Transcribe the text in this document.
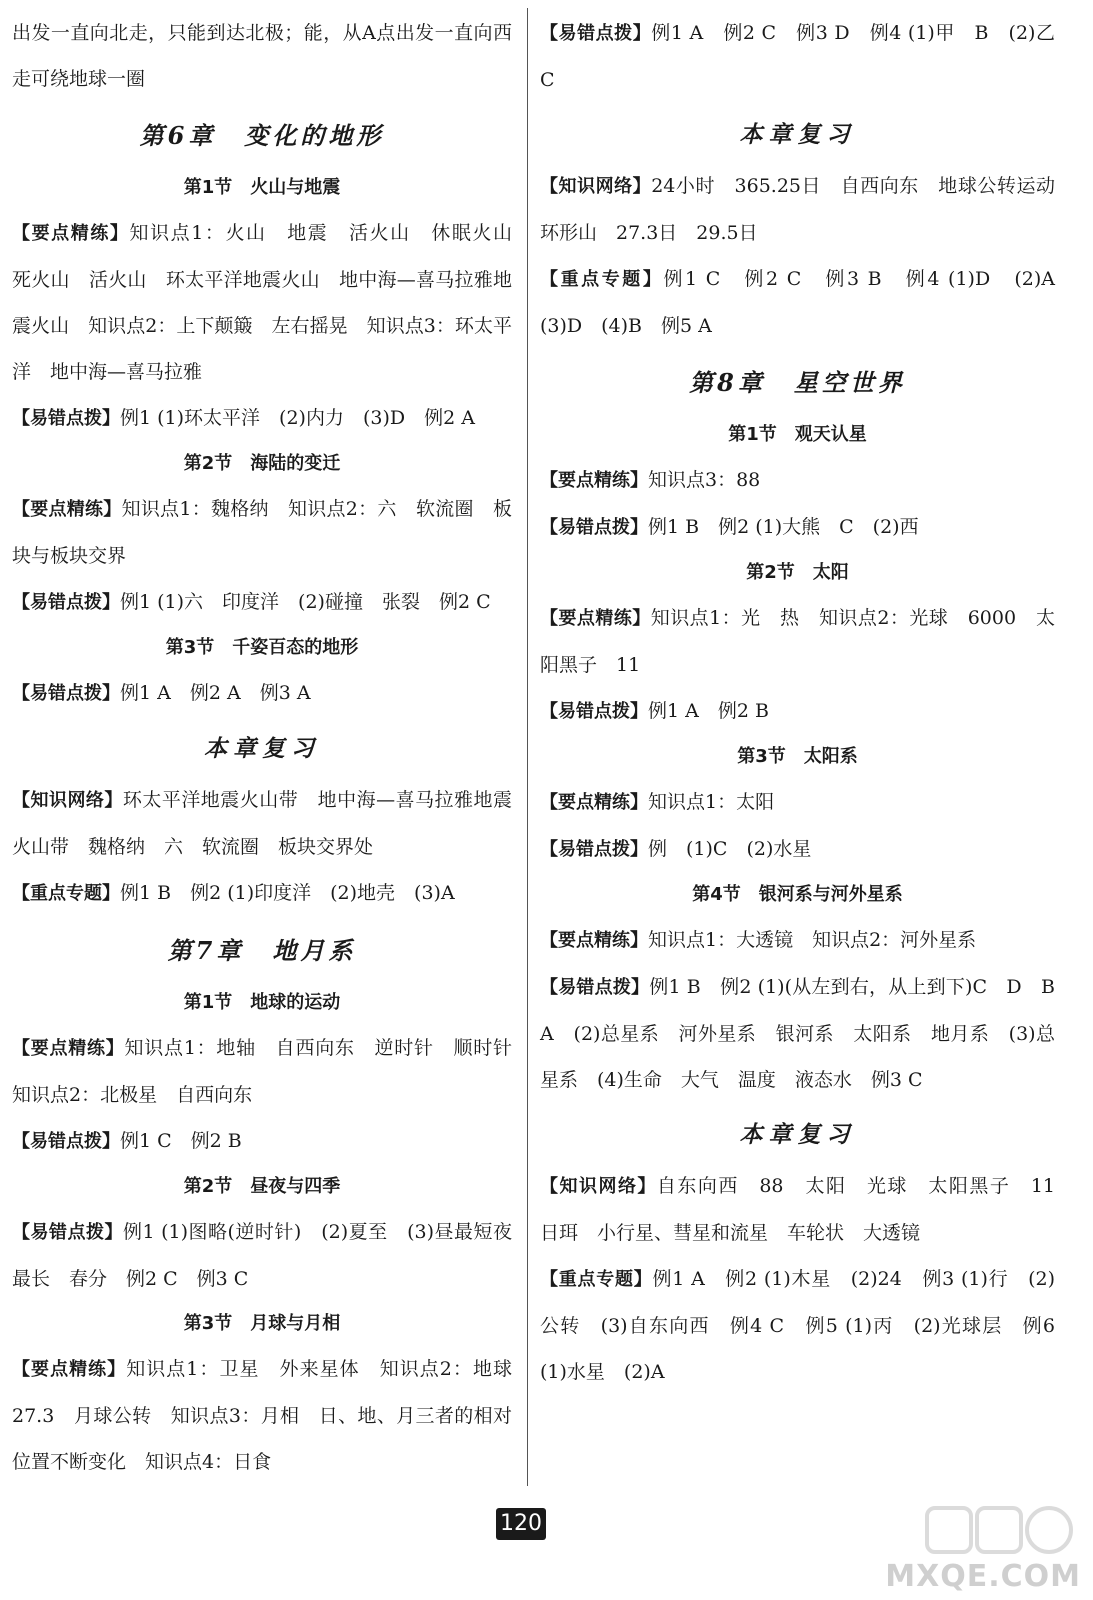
出发一直向北走，只能到达北极；能，从A点出发一直向西走可绕地球一圈

第6章　变化的地形

第1节　火山与地震

【要点精练】知识点1：火山　地震　活火山　休眠火山　死火山　活火山　环太平洋地震火山　地中海—喜马拉雅地震火山　知识点2：上下颠簸　左右摇晃　知识点3：环太平洋　地中海—喜马拉雅

【易错点拨】例1 (1)环太平洋　(2)内力　(3)D　例2 A

第2节　海陆的变迁

【要点精练】知识点1：魏格纳　知识点2：六　软流圈　板块与板块交界

【易错点拨】例1 (1)六　印度洋　(2)碰撞　张裂　例2 C

第3节　千姿百态的地形

【易错点拨】例1 A　例2 A　例3 A

本章复习

【知识网络】环太平洋地震火山带　地中海—喜马拉雅地震火山带　魏格纳　六　软流圈　板块交界处

【重点专题】例1 B　例2 (1)印度洋　(2)地壳　(3)A

第7章　地月系

第1节　地球的运动

【要点精练】知识点1：地轴　自西向东　逆时针　顺时针　知识点2：北极星　自西向东

【易错点拨】例1 C　例2 B

第2节　昼夜与四季

【易错点拨】例1 (1)图略(逆时针)　(2)夏至　(3)昼最短夜最长　春分　例2 C　例3 C

第3节　月球与月相

【要点精练】知识点1：卫星　外来星体　知识点2：地球　27.3　月球公转　知识点3：月相　日、地、月三者的相对位置不断变化　知识点4：日食

【易错点拨】例1 A　例2 C　例3 D　例4 (1)甲　B　(2)乙　C

本章复习

【知识网络】24小时　365.25日　自西向东　地球公转运动　环形山　27.3日　29.5日

【重点专题】例1 C　例2 C　例3 B　例4 (1)D　(2)A　(3)D　(4)B　例5 A

第8章　星空世界

第1节　观天认星

【要点精练】知识点3：88

【易错点拨】例1 B　例2 (1)大熊　C　(2)西

第2节　太阳

【要点精练】知识点1：光　热　知识点2：光球　6000　太阳黑子　11

【易错点拨】例1 A　例2 B

第3节　太阳系

【要点精练】知识点1：太阳

【易错点拨】例　(1)C　(2)水星

第4节　银河系与河外星系

【要点精练】知识点1：大透镜　知识点2：河外星系

【易错点拨】例1 B　例2 (1)(从左到右，从上到下)C　D　B　A　(2)总星系　河外星系　银河系　太阳系　地月系　(3)总星系　(4)生命　大气　温度　液态水　例3 C

本章复习

【知识网络】自东向西　88　太阳　光球　太阳黑子　11　日珥　小行星、彗星和流星　车轮状　大透镜

【重点专题】例1 A　例2 (1)木星　(2)24　例3 (1)行　(2)公转　(3)自东向西　例4 C　例5 (1)丙　(2)光球层　例6 (1)水星　(2)A

120
MXQE.COM
